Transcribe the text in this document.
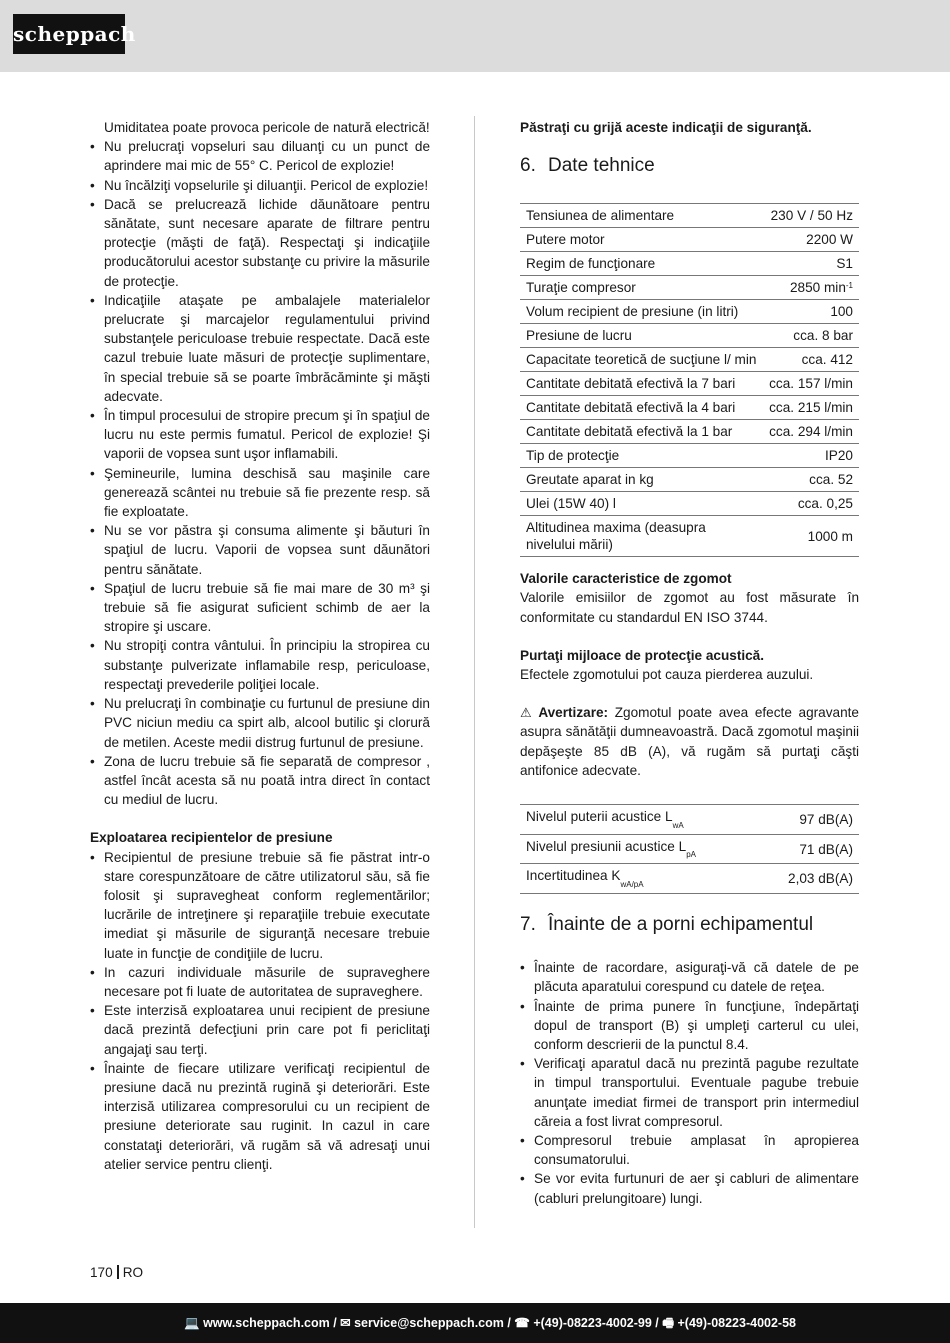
scheppach

Umiditatea poate provoca pericole de natură electrică!

• Nu prelucraţi vopseluri sau diluanţi cu un punct de aprindere mai mic de 55° C. Pericol de explozie!
• Nu încălziţi vopselurile şi diluanţii. Pericol de explozie!
• Dacă se prelucrează lichide dăunătoare pentru sănătate, sunt necesare aparate de filtrare pentru protecţie (măşti de faţă). Respectaţi şi indicaţiile producătorului acestor substanţe cu privire la măsurile de protecţie.
• Indicaţiile ataşate pe ambalajele materialelor prelucrate şi marcajelor regulamentului privind substanţele periculoase trebuie respectate. Dacă este cazul trebuie luate măsuri de protecţie suplimentare, în special trebuie să se poarte îmbrăcăminte şi măşti adecvate.
• În timpul procesului de stropire precum şi în spaţiul de lucru nu este permis fumatul. Pericol de explozie! Şi vaporii de vopsea sunt uşor inflamabili.
• Şemineurile, lumina deschisă sau maşinile care generează scântei nu trebuie să fie prezente resp. să fie exploatate.
• Nu se vor păstra şi consuma alimente şi băuturi în spaţiul de lucru. Vaporii de vopsea sunt dăunători pentru sănătate.
• Spaţiul de lucru trebuie să fie mai mare de 30 m³ şi trebuie să fie asigurat suficient schimb de aer la stropire şi uscare.
• Nu stropiţi contra vântului. În principiu la stropirea cu substanţe pulverizate inflamabile resp, periculoase, respectaţi prevederile poliţiei locale.
• Nu prelucraţi în combinaţie cu furtunul de presiune din PVC niciun mediu ca spirt alb, alcool butilic şi clorură de metilen. Aceste medii distrug furtunul de presiune.
• Zona de lucru trebuie să fie separată de compresor , astfel încât acesta să nu poată intra direct în contact cu mediul de lucru.

Exploatarea recipientelor de presiune

• Recipientul de presiune trebuie să fie păstrat intr-o stare corespunzătoare de către utilizatorul său, să fie folosit şi supravegheat conform reglementărilor; lucrările de intreţinere şi reparaţiile trebuie executate imediat şi măsurile de siguranţă necesare trebuie luate in funcţie de condiţiile de lucru.
• In cazuri individuale măsurile de supraveghere necesare pot fi luate de autoritatea de supraveghere.
• Este interzisă exploatarea unui recipient de presiune dacă prezintă defecţiuni prin care pot fi periclitaţi angajaţi sau terţi.
• Înainte de fiecare utilizare verificaţi recipientul de presiune dacă nu prezintă rugină şi deteriorări. Este interzisă utilizarea compresorului cu un recipient de presiune deteriorate sau ruginit. In cazul in care constataţi deteriorări, vă rugăm să vă adresaţi unui atelier service pentru clienţi.

Păstraţi cu grijă aceste indicaţii de siguranţă.

6. Date tehnice
Tensiunea de alimentare	230 V / 50 Hz
Putere motor	2200 W
Regim de funcţionare	S1
Turaţie compresor	2850 $\min^{-1}$
Volum recipient de presiune (in litri)	100
Presiune de lucru	cca. 8 bar
Capacitate teoretică de sucţiune l/ min	cca. 412
Cantitate debitată efectivă la 7 bari	cca. 157 l/min
Cantitate debitată efectivă la 4 bari	cca. 215 l/min
Cantitate debitată efectivă la 1 bar	cca. 294 l/min
Tip de protecţie	IP20
Greutate aparat in kg	cca. 52
Ulei (15W 40) l	cca. 0,25
Altitudinea maxima (deasupra nivelului mării)	1000 m

Valorile caracteristice de zgomot

Valorile emisiilor de zgomot au fost măsurate în conformitate cu standardul EN ISO 3744.

Purtaţi mijloace de protecţie acustică.

Efectele zgomotului pot cauza pierderea auzului.

⚠ Avertizare: Zgomotul poate avea efecte agravante asupra sănătăţii dumneavoastră. Dacă zgomotul maşinii depăşeşte 85 dB (A), vă rugăm să purtaţi căşti antifonice adecvate.

Nivelul puterii acustice $L_{wA}$	97 dB(A)
Nivelul presiunii acustice $L_{pA}$	71 dB(A)
Incertitudinea $K_{wA/pA}$	2,03 dB(A)
7. Înainte de a porni echipamentul
• Înainte de racordare, asiguraţi-vă că datele de pe plăcuta aparatului corespund cu datele de reţea.
• Înainte de prima punere în funcţiune, îndepărtaţi dopul de transport (B) şi umpleţi carterul cu ulei, conform descrierii de la punctul 8.4.
• Verificaţi aparatul dacă nu prezintă pagube rezultate in timpul transportului. Eventuale pagube trebuie anunţate imediat firmei de transport prin intermediul căreia a fost livrat compresorul.
• Compresorul trebuie amplasat în apropierea consumatorului.
• Se vor evita furtunuri de aer şi cabluri de alimentare (cabluri prelungitoare) lungi.
170 RO
💻 www.scheppach.com / ✉ service@scheppach.com / ☎ +(49)-08223-4002-99 / 🖷 +(49)-08223-4002-58
